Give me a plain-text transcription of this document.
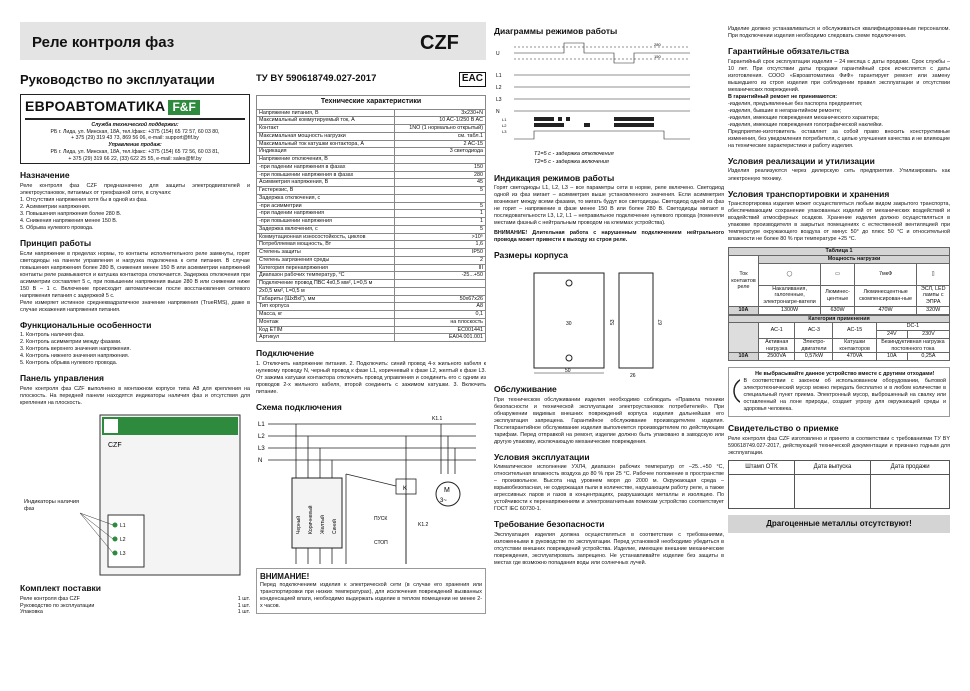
Реле контроля фаз	CZF
Руководство по эксплуатации
ЕВРОАВТОМАТИКА F&F

Служба технической поддержки:

РБ г. Лида, ул. Минская, 18А, тел./факс: +375 (154) 65 72 57, 60 03 80,

+ 375 (29) 319 43 73, 869 56 06, e-mail: support@fif.by

Управление продаж:

РБ г. Лида, ул. Минская, 18А, тел./факс: +375 (154) 65 72 56, 60 03 81,

+ 375 (29) 319 66 22, (33) 622 25 55, e-mail: sales@fif.by

Назначение

Реле контроля фаз CZF предназначено для защиты электродвигателей и электроустановок, питаемых от трехфазной сети, в случаях:

1. Отсутствия напряжения хотя бы в одной из фаз.

2. Асимметрии напряжения.

3. Повышения напряжения более 280 В.

4. Снижения напряжения менее 150 В.

5. Обрыва нулевого провода.

Принцип работы

Если напряжение в пределах нормы, то контакты исполнительного реле замкнуты, горят светодиоды на панели управления и нагрузка подключена к сети питания. В случае повышения напряжения более 280 В, снижения менее 150 В или асимметрии напряжений контакты реле размыкаются и катушка контактора отключается. Задержка отключения при асимметрии составляет 5 с, при повышении напряжения выше 280 В или снижении ниже 150 В – 1 с. Включение происходит автоматически после восстановления сетевого напряжения питания с задержкой 5 с.

Реле измеряет истинное среднеквадратичное значение напряжения (TrueRMS), даже в случае искажения напряжения питания.

Функциональные особенности

1. Контроль наличия фаз.

2. Контроль асимметрии между фазами.

3. Контроль верхнего значения напряжения.

4. Контроль нижнего значения напряжения.

5. Контроль обрыва нулевого провода.

Панель управления

Реле контроля фаз CZF выполнено в монтажном корпусе типа А8 для крепления на плоскость. На передней панели находятся индикаторы наличия фаз и отсутствия для крепления на плоскость.

CZF
L1
L2
L3
Индикаторы наличия фаз
Комплект поставки
Реле контроля фаз CZF	1 шт.
Руководство по эксплуатации	1 шт.
Упаковка	1 шт.
ТУ BY 590618749.027-2017	EAC
Технические характеристики	
Напряжение питания, В	3х230+N
Максимальный коммутируемый ток, А	10 AC-1/250 B AC
Контакт	1NO (1 нормально открытый)
Максимальная мощность нагрузки	см. табл.1
Максимальный ток катушки контактора, А	2 AC-15
Индикация	3 светодиода
Напряжение отключения, В	
-при падении напряжения в фазах	150
-при повышении напряжения в фазах	280
Асимметрия напряжения, В	45
Гистерезис, В	5
Задержка отключения, с	
-при асимметрии	5
-при падении напряжения	1
-при повышении напряжения	1
Задержка включения, с	5
Коммутационная износостойкость, циклов	>10⁵
Потребляемая мощность, Вт	1,6
Степень защиты	IP50
Степень загрязнения среды	2
Категория перенапряжения	III
Диапазон рабочих температур, °С	-25...+50
Подключение провод ПВС 4х0,5 мм², L=0,5 м	
2х0,5 мм², L=0,5 м	
Габариты (ШхВхГ), мм	50х67х26
Тип корпуса	A8
Масса, кг	0,1
Монтаж	на плоскость
Код ETIM	EC001441
Артикул	EA04.001.001
Подключение

1. Отключить напряжение питания. 2. Подключить: синий провод 4-х жильного кабеля к нулевому проводу N, черный провод к фазе L1, коричневый к фазе L2, желтый к фазе L3. От зажима катушки контактора отключить провод управления и соединить его с одним из проводов 2-х жильного кабеля, второй соединить с зажимом катушки. 3. Включить питание.

Схема подключения
M
3~
L1
L2
L3
N
K1.1
K
K1.2
ПУСК
СТОП
Черный Коричневый Желтый Синий
ВНИМАНИЕ!

Перед подключением изделия к электрической сети (в случае его хранения или транспортировки при низких температурах), для исключения повреждений вызванных конденсацией влаги, необходимо выдержать изделие в теплом помещении не менее 2-х часов.

Диаграммы режимов работы
U
L1
L2
L3
N
L1
L2
L3
280
150
T1=5 с - задержка отключения
T2=5 с - задержка включения
Индикация режимов работы

Горят светодиоды L1, L2, L3 – все параметры сети в норме, реле включено. Светодиод одной из фаз мигает – асимметрия выше установленного значения. Если асимметрия возникает между всеми фазами, то мигать будут все светодиоды. Светодиод одной из фаз не горит – напряжение в фазе менее 150 В или более 280 В. Светодиоды мигают в последовательности L3, L2, L1 – неправильное подключение нулевого провода (поменяли местами фазный с нейтральным проводом на клеммах устройства).

ВНИМАНИЕ! Длительная работа с нарушенным подключением нейтрального провода может привести к выходу из строя реле.

Размеры корпуса
50
30
26
67
53
Обслуживание

При техническом обслуживании изделия необходимо соблюдать «Правила техники безопасности и технической эксплуатации электроустановок потребителей». При обнаружении видимых внешних повреждений корпуса изделия дальнейшая его эксплуатация запрещена. Гарантийное обслуживание производителем изделия. Послегарантийное обслуживание изделия выполняется производителем по действующим тарифам. Перед отправкой на ремонт, изделие должно быть упаковано в заводскую или другую упаковку, исключающую механические повреждения.

Условия эксплуатации

Климатическое исполнение УХЛ4, диапазон рабочих температур от –25...+50 °С, относительная влажность воздуха до 80 % при 25 °С. Рабочее положение в пространстве – произвольное. Высота над уровнем моря до 2000 м. Окружающая среда – взрывобезопасная, не содержащая пыли в количестве, нарушающем работу реле, а также агрессивных паров и газов в концентрациях, разрушающих металлы и изоляцию. По устойчивости к перенапряжениям и электромагнитным помехам устройство соответствует ГОСТ IEC 60730-1.

Требование безопасности

Эксплуатация изделия должна осуществляться в соответствии с требованиями, изложенными в руководстве по эксплуатации. Перед установкой необходимо убедиться в отсутствии внешних повреждений устройства. Изделие, имеющее внешние механические повреждения, эксплуатировать запрещено. Не устанавливайте изделие без защиты в местах где возможно попадания воды или солнечных лучей.

Изделие должно устанавливаться и обслуживаться квалифицированным персоналом. При подключении изделия необходимо следовать схеме подключения.

Гарантийные обязательства

Гарантийный срок эксплуатации изделия – 24 месяца с даты продажи. Срок службы – 10 лет. При отсутствии даты продажи гарантийный срок исчисляется с даты изготовления. СООО «Евроавтоматика ФиФ» гарантирует ремонт или замену вышедшего из строя изделия при соблюдении правил эксплуатации и отсутствии механических повреждений.

В гарантийный ремонт не принимаются:

-изделия, предъявленные без паспорта предприятия;

-изделия, бывшие в негарантийном ремонте;

-изделия, имеющие повреждения механического характера;

-изделия, имеющие повреждения голографической наклейки.

Предприятие-изготовитель оставляет за собой право вносить конструктивные изменения, без уведомления потребителя, с целью улучшения качества и не влияющие на технические характеристики и работу изделия.

Условия реализации и утилизации

Изделия реализуются через дилерскую сеть предприятия. Утилизировать как электронную технику.

Условия транспортировки и хранения

Транспортировка изделия может осуществляться любым видом закрытого транспорта, обеспечивающим сохранение упакованных изделий от механических воздействий и воздействий атмосферных осадков. Хранение изделия должно осуществляться в упаковке производителя в закрытых помещениях с естественной вентиляцией при температуре окружающего воздуха от минус 50° до плюс 50 °С и относительной влажности не более 80 % при температуре +25 °С.

Таблица 1				
Ток контактов реле	Мощность нагрузки			
	◯	▭	7мкФ	▯
	Накаливания, галогенные, электронагре-ватели	Люминес-центные	Люминесцентные скомпенсирован-ные	ЭСЛ, LED лампы с ЭПРА
10А	1300W	630W	470W	320W
Категория применения					
	АС-1	АС-3	АС-15	DC-1	
				24V	230V
	Активная нагрузка	Электро-двигатели	Катушки контакторов	Безиндуктивная нагрузка постоянного тока	
10А	2500VA	0,57kW	470VA	10A	0,25A

Не выбрасывайте данное устройство вместе с другими отходами!

В соответствии с законом об использованном оборудовании, бытовой электротехнический мусор можно передать бесплатно и в любом количестве в специальный пункт приема. Электронный мусор, выброшенный на свалку или оставленный на лоне природы, создает угрозу для окружающей среды и здоровья человека.

Свидетельство о приемке

Реле контроля фаз CZF изготовлено и принято в соответствии с требованиями ТУ BY 590618749.027-2017, действующей технической документации и признано годным для эксплуатации.

Штамп ОТК	Дата выпуска	Дата продажи

Драгоценные металлы отсутствуют!
